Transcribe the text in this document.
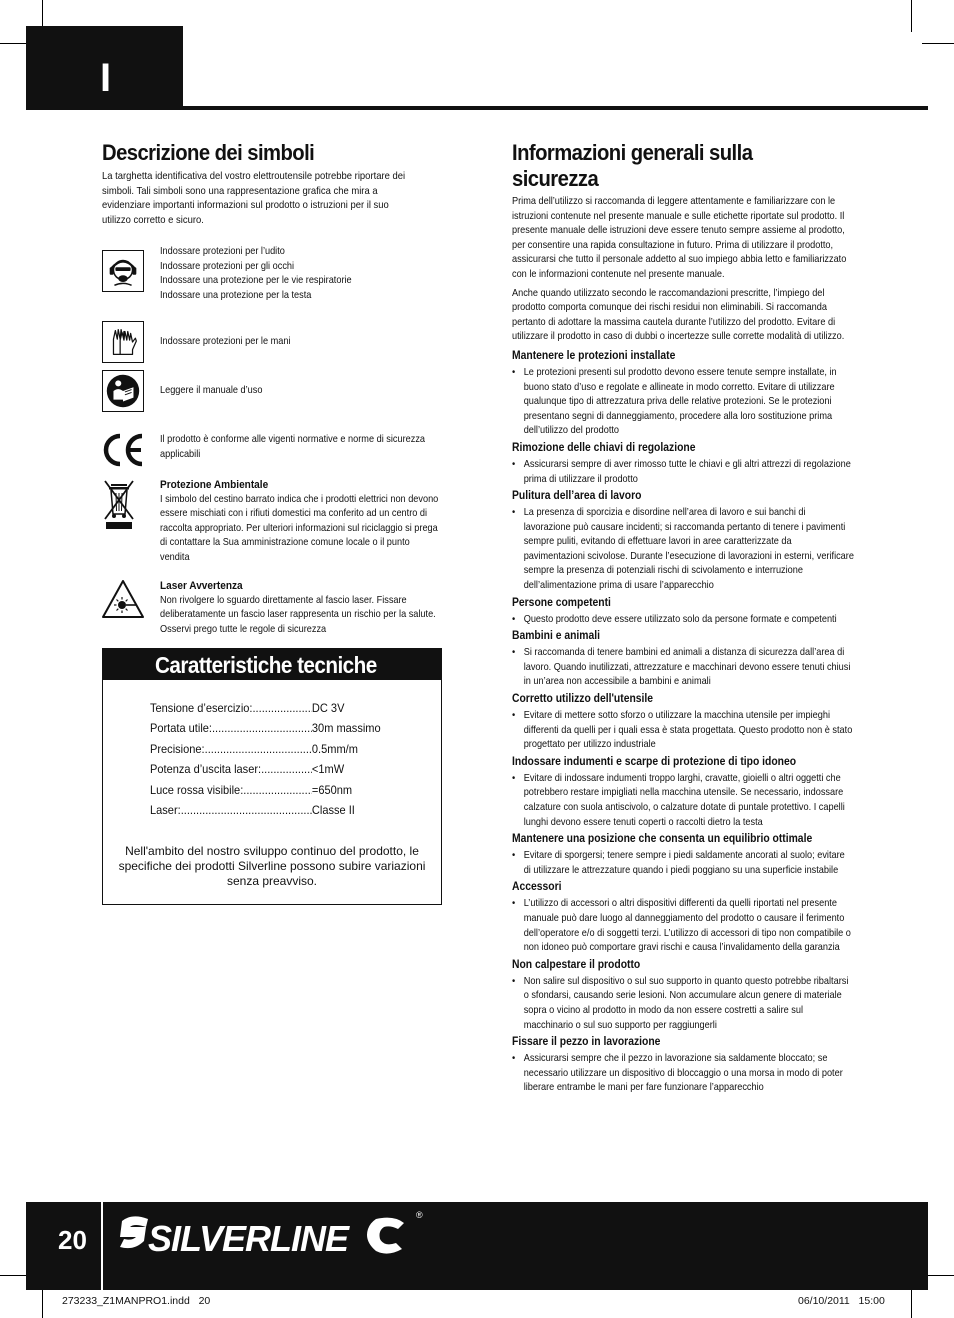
I
Descrizione dei simboli
La targhetta identificativa del vostro elettroutensile potrebbe riportare dei simboli. Tali simboli sono una rappresentazione grafica che mira a evidenziare importanti informazioni sul prodotto o istruzioni per il suo utilizzo corretto e sicuro.
Indossare protezioni per l’udito
Indossare protezioni per gli occhi
Indossare una protezione per le vie respiratorie
Indossare una protezione per la testa
Indossare protezioni per le mani
Leggere il manuale d’uso
Il prodotto è conforme alle vigenti normative e norme di sicurezza applicabili
Protezione Ambientale
I simbolo del cestino barrato indica che i prodotti elettrici non devono essere mischiati con i rifiuti domestici ma conferito ad un centro di raccolta appropriato. Per ulteriori informazioni sul riciclaggio si prega di contattare la Sua amministrazione comune locale o il punto vendita
Laser Avvertenza
Non rivolgere lo sguardo direttamente al fascio laser. Fissare deliberatamente un fascio laser rappresenta un rischio per la salute. Osservi prego tutte le regole di sicurezza
Caratteristiche tecniche
Tensione d’esercizio: .....	DC 3V
Portata utile: .....	30m massimo
Precisione: .....	0.5mm/m
Potenza d’uscita laser: .....	<1mW
Luce rossa visibile: .....	=650nm
Laser: .....	Classe II
Nell'ambito del nostro sviluppo continuo del prodotto, le specifiche dei prodotti Silverline possono subire variazioni senza preavviso.
Informazioni generali sulla sicurezza

Prima dell’utilizzo si raccomanda di leggere attentamente e familiarizzare con le istruzioni contenute nel presente manuale e sulle etichette riportate sul prodotto. Il presente manuale delle istruzioni deve essere tenuto sempre assieme al prodotto, per consentire una rapida consultazione in futuro. Prima di utilizzare il prodotto, assicurarsi che tutto il personale addetto al suo impiego abbia letto e familiarizzato con le informazioni contenute nel presente manuale.

Anche quando utilizzato secondo le raccomandazioni prescritte, l’impiego del prodotto comporta comunque dei rischi residui non eliminabili. Si raccomanda pertanto di adottare la massima cautela durante l’utilizzo del prodotto. Evitare di utilizzare il prodotto in caso di dubbi o incertezze sulle corrette modalità di utilizzo.

Mantenere le protezioni installate
• Le protezioni presenti sul prodotto devono essere tenute sempre installate, in buono stato d’uso e regolate e allineate in modo corretto. Evitare di utilizzare qualunque tipo di attrezzatura priva delle relative protezioni. Se le protezioni presentano segni di danneggiamento, procedere alla loro sostituzione prima dell’utilizzo del prodotto
Rimozione delle chiavi di regolazione
• Assicurarsi sempre di aver rimosso tutte le chiavi e gli altri attrezzi di regolazione prima di utilizzare il prodotto
Pulitura dell’area di lavoro
• La presenza di sporcizia e disordine nell’area di lavoro e sui banchi di lavorazione può causare incidenti; si raccomanda pertanto di tenere i pavimenti sempre puliti, evitando di effettuare lavori in aree caratterizzate da pavimentazioni scivolose. Durante l’esecuzione di lavorazioni in esterni, verificare sempre la presenza di potenziali rischi di scivolamento e interruzione dell’alimentazione prima di usare l’apparecchio
Persone competenti
• Questo prodotto deve essere utilizzato solo da persone formate e competenti
Bambini e animali
• Si raccomanda di tenere bambini ed animali a distanza di sicurezza dall’area di lavoro. Quando inutilizzati, attrezzature e macchinari devono essere tenuti chiusi in un’area non accessibile a bambini e animali
Corretto utilizzo dell'utensile
• Evitare di mettere sotto sforzo o utilizzare la macchina utensile per impieghi differenti da quelli per i quali essa è stata progettata. Questo prodotto non è stato progettato per utilizzo industriale
Indossare indumenti e scarpe di protezione di tipo idoneo
• Evitare di indossare indumenti troppo larghi, cravatte, gioielli o altri oggetti che potrebbero restare impigliati nella macchina utensile. Se necessario, indossare calzature con suola antiscivolo, o calzature dotate di puntale protettivo. I capelli lunghi devono essere tenuti coperti o raccolti dietro la testa
Mantenere una posizione che consenta un equilibrio ottimale
• Evitare di sporgersi; tenere sempre i piedi saldamente ancorati al suolo; evitare di utilizzare le attrezzature quando i piedi poggiano su una superficie instabile
Accessori
• L’utilizzo di accessori o altri dispositivi differenti da quelli riportati nel presente manuale può dare luogo al danneggiamento del prodotto o causare il ferimento dell’operatore e/o di soggetti terzi. L’utilizzo di accessori di tipo non compatibile o non idoneo può comportare gravi rischi e causa l’invalidamento della garanzia
Non calpestare il prodotto
• Non salire sul dispositivo o sul suo supporto in quanto questo potrebbe ribaltarsi o sfondarsi, causando serie lesioni. Non accumulare alcun genere di materiale sopra o vicino al prodotto in modo da non essere costretti a salire sul macchinario o sul suo supporto per raggiungerli
Fissare il pezzo in lavorazione
• Assicurarsi sempre che il pezzo in lavorazione sia saldamente bloccato; se necessario utilizzare un dispositivo di bloccaggio o una morsa in modo di poter liberare entrambe le mani per fare funzionare l’apparecchio
20 SILVERLINE
®
273233_Z1MANPRO1.indd   20	06/10/2011   15:00
